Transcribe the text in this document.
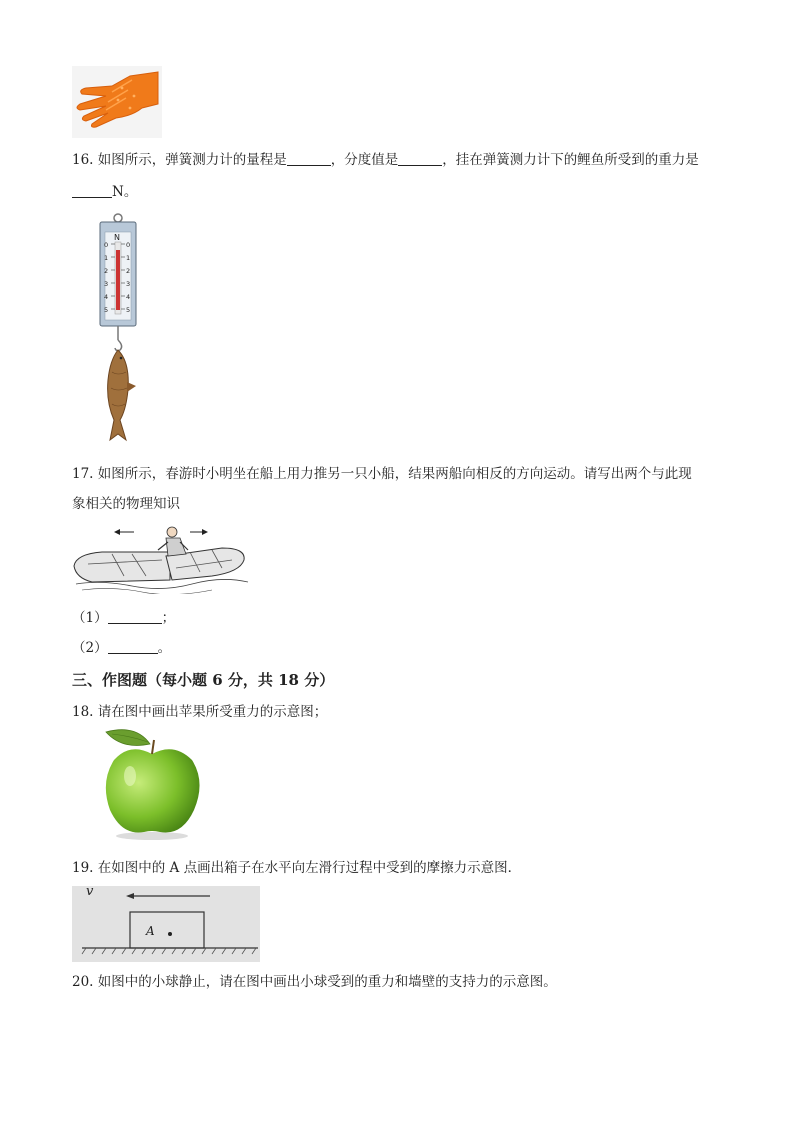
16. 如图所示，弹簧测力计的量程是	，分度值是	，挂在弹簧测力计下的鲤鱼所受到的重力是
N。
N
0
1
2
3
4
5
0
1
2
3
4
5
17. 如图所示，春游时小明坐在船上用力推另一只小船，结果两船向相反的方向运动。请写出两个与此现
象相关的物理知识
（1）	；
（2）	。
三、作图题（每小题 6 分，共 18 分）
18. 请在图中画出苹果所受重力的示意图；
19. 在如图中的 A 点画出箱子在水平向左滑行过程中受到的摩擦力示意图．
v
A
20. 如图中的小球静止，请在图中画出小球受到的重力和墙壁的支持力的示意图。
